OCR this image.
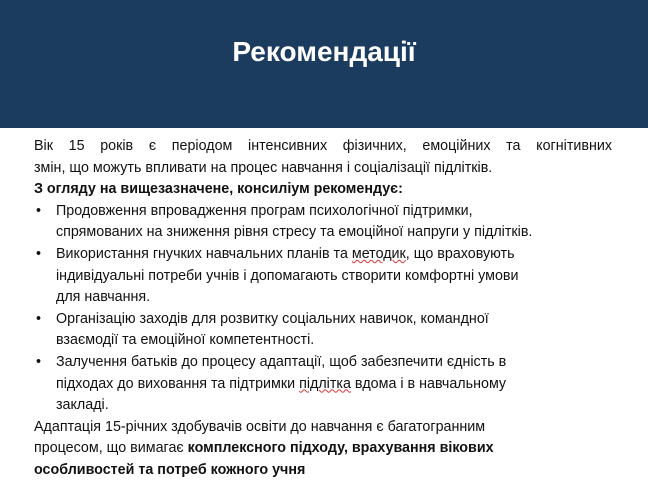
Рекомендації
Вік 15 років є періодом інтенсивних фізичних, емоційних та когнітивних
змін, що можуть впливати на процес навчання і соціалізації підлітків.
З огляду на вищезазначене, консиліум рекомендує:
• Продовження впровадження програм психологічної підтримки,
спрямованих на зниження рівня стресу та емоційної напруги у підлітків.
• Використання гнучких навчальних планів та методик, що враховують
індивідуальні потреби учнів і допомагають створити комфортні умови
для навчання.
• Організацію заходів для розвитку соціальних навичок, командної
взаємодії та емоційної компетентності.
• Залучення батьків до процесу адаптації, щоб забезпечити єдність в
підходах до виховання та підтримки підлітка вдома і в навчальному
закладі.
Адаптація 15-річних здобувачів освіти до навчання є багатогранним
процесом, що вимагає комплексного підходу, врахування вікових
особливостей та потреб кожного учня
